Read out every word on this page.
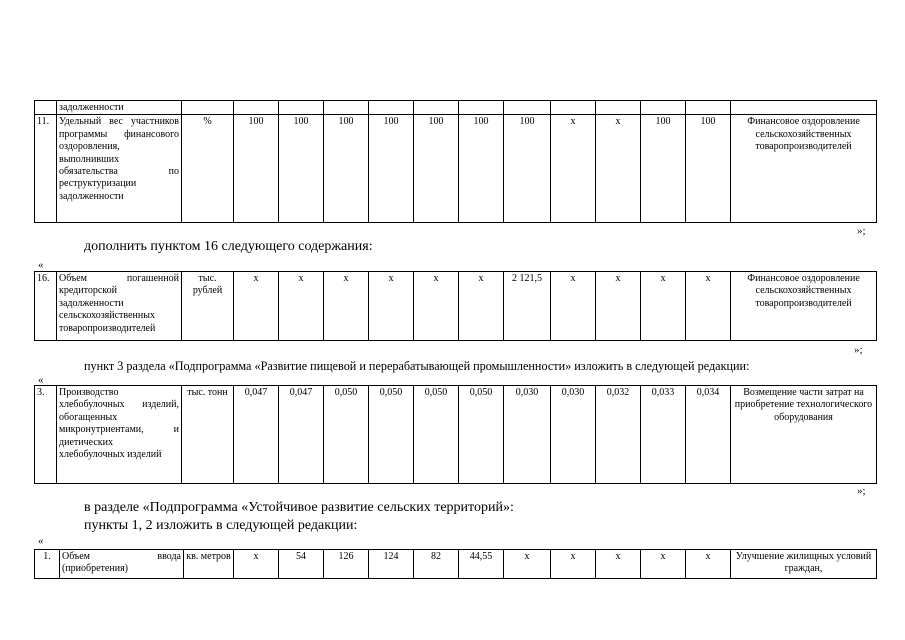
	задолженности													
11.	Удельный вес участников программы финансового оздоровления, выполнивших обязательства по реструктуризации задолженности	%	100	100	100	100	100	100	100	x	x	100	100	Финансовое оздоровление сельскохозяйственных товаропроизводителей
»;
дополнить пунктом 16 следующего содержания:
«
16.	Объем погашенной кредиторской задолженности сельскохозяйственных товаропроизводителей	тыс. рублей	x	x	x	x	x	x	2 121,5	x	x	x	x	Финансовое оздоровление сельскохозяйственных товаропроизводителей
»;
пункт 3 раздела «Подпрограмма «Развитие пищевой и перерабатывающей промышленности» изложить в следующей редакции:
«
3.	Производство хлебобулочных изделий, обогащенных микронутриентами, и диетических хлебобулочных изделий	тыс. тонн	0,047	0,047	0,050	0,050	0,050	0,050	0,030	0,030	0,032	0,033	0,034	Возмещение части затрат на приобретение технологического оборудования
»;
в разделе «Подпрограмма «Устойчивое развитие сельских территорий»:
пункты 1, 2 изложить в следующей редакции:
«
1.	Объем ввода (приобретения)	кв. метров	x	54	126	124	82	44,55	x	x	x	x	x	Улучшение жилищных условий граждан,
